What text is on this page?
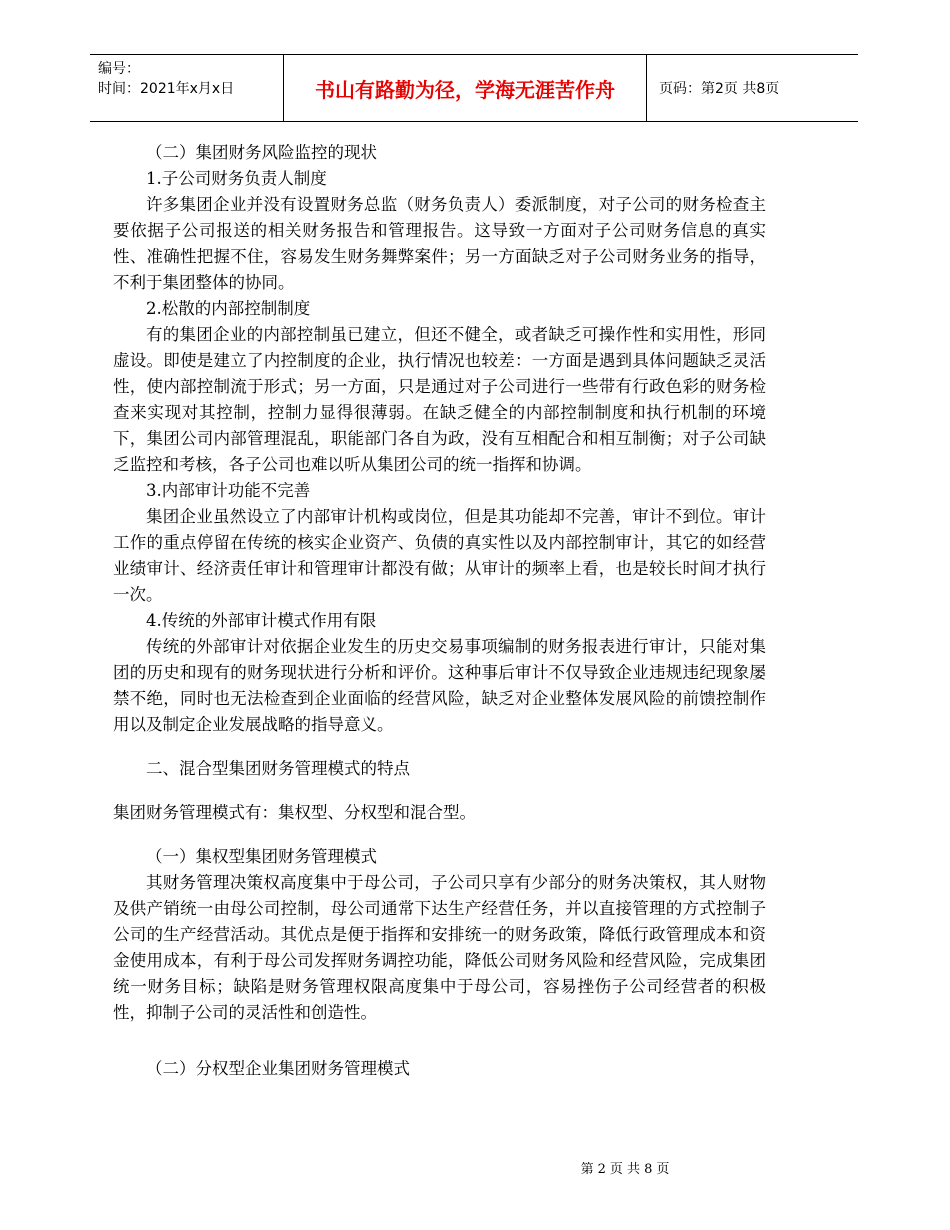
编号：
时间：2021年x月x日	书山有路勤为径，学海无涯苦作舟	页码：第2页 共8页
（二）集团财务风险监控的现状
1.子公司财务负责人制度
许多集团企业并没有设置财务总监（财务负责人）委派制度，对子公司的财务检查主要依据子公司报送的相关财务报告和管理报告。这导致一方面对子公司财务信息的真实性、准确性把握不住，容易发生财务舞弊案件；另一方面缺乏对子公司财务业务的指导，不利于集团整体的协同。
2.松散的内部控制制度
有的集团企业的内部控制虽已建立，但还不健全，或者缺乏可操作性和实用性，形同虚设。即使是建立了内控制度的企业，执行情况也较差：一方面是遇到具体问题缺乏灵活性，使内部控制流于形式；另一方面，只是通过对子公司进行一些带有行政色彩的财务检查来实现对其控制，控制力显得很薄弱。在缺乏健全的内部控制制度和执行机制的环境下，集团公司内部管理混乱，职能部门各自为政，没有互相配合和相互制衡；对子公司缺乏监控和考核，各子公司也难以听从集团公司的统一指挥和协调。
3.内部审计功能不完善
集团企业虽然设立了内部审计机构或岗位，但是其功能却不完善，审计不到位。审计工作的重点停留在传统的核实企业资产、负债的真实性以及内部控制审计，其它的如经营业绩审计、经济责任审计和管理审计都没有做；从审计的频率上看，也是较长时间才执行一次。
4.传统的外部审计模式作用有限
传统的外部审计对依据企业发生的历史交易事项编制的财务报表进行审计，只能对集团的历史和现有的财务现状进行分析和评价。这种事后审计不仅导致企业违规违纪现象屡禁不绝，同时也无法检查到企业面临的经营风险，缺乏对企业整体发展风险的前馈控制作用以及制定企业发展战略的指导意义。
二、混合型集团财务管理模式的特点
集团财务管理模式有：集权型、分权型和混合型。
（一）集权型集团财务管理模式
其财务管理决策权高度集中于母公司，子公司只享有少部分的财务决策权，其人财物及供产销统一由母公司控制，母公司通常下达生产经营任务，并以直接管理的方式控制子公司的生产经营活动。其优点是便于指挥和安排统一的财务政策，降低行政管理成本和资金使用成本，有利于母公司发挥财务调控功能，降低公司财务风险和经营风险，完成集团统一财务目标；缺陷是财务管理权限高度集中于母公司，容易挫伤子公司经营者的积极性，抑制子公司的灵活性和创造性。
（二）分权型企业集团财务管理模式
第 2 页 共 8 页
